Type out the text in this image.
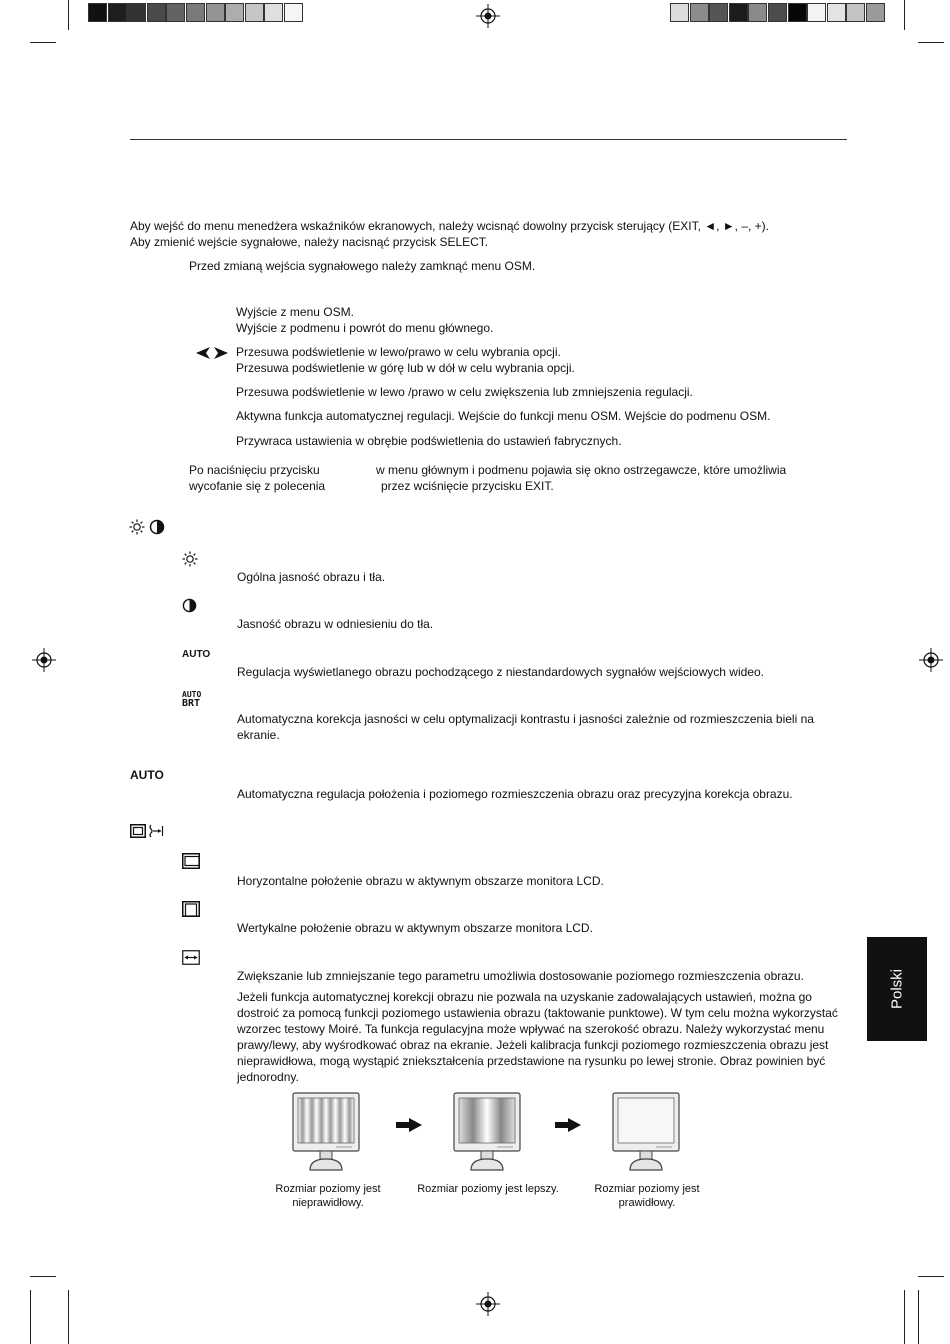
Aby wejść do menu menedżera wskaźników ekranowych, należy wcisnąć dowolny przycisk sterujący (EXIT, ◄, ►, –, +).
Aby zmienić wejście sygnałowe, należy nacisnąć przycisk SELECT.
Przed zmianą wejścia sygnałowego należy zamknąć menu OSM.
Wyjście z menu OSM.
Wyjście z podmenu i powrót do menu głównego.
Przesuwa podświetlenie w lewo/prawo w celu wybrania opcji.
Przesuwa podświetlenie w górę lub w dół w celu wybrania opcji.
Przesuwa podświetlenie w lewo /prawo w celu zwiększenia lub zmniejszenia regulacji.
Aktywna funkcja automatycznej regulacji. Wejście do funkcji menu OSM. Wejście do podmenu OSM.
Przywraca ustawienia w obrębie podświetlenia do ustawień fabrycznych.
Po naciśnięciu przycisku	w menu głównym i podmenu pojawia się okno ostrzegawcze, które umożliwia
wycofanie się z polecenia	przez wciśnięcie przycisku EXIT.
Ogólna jasność obrazu i tła.
Jasność obrazu w odniesieniu do tła.
AUTO
Regulacja wyświetlanego obrazu pochodzącego z niestandardowych sygnałów wejściowych wideo.
AUTO
BRT
Automatyczna korekcja jasności w celu optymalizacji kontrastu i jasności zależnie od rozmieszczenia bieli na ekranie.
AUTO
Automatyczna regulacja położenia i poziomego rozmieszczenia obrazu oraz precyzyjna korekcja obrazu.
Horyzontalne położenie obrazu w aktywnym obszarze monitora LCD.
Wertykalne położenie obrazu w aktywnym obszarze monitora LCD.
Zwiększanie lub zmniejszanie tego parametru umożliwia dostosowanie poziomego rozmieszczenia obrazu.
Jeżeli funkcja automatycznej korekcji obrazu nie pozwala na uzyskanie zadowalających ustawień, można go dostroić za pomocą funkcji poziomego ustawienia obrazu (taktowanie punktowe). W tym celu można wykorzystać wzorzec testowy Moiré. Ta funkcja regulacyjna może wpływać na szerokość obrazu. Należy wykorzystać menu prawy/lewy, aby wyśrodkować obraz na ekranie. Jeżeli kalibracja funkcji poziomego rozmieszczenia obrazu jest nieprawidłowa, mogą wystąpić zniekształcenia przedstawione na rysunku po lewej stronie. Obraz powinien być jednorodny.
Rozmiar poziomy jest nieprawidłowy.
Rozmiar poziomy jest lepszy.	Rozmiar poziomy jest prawidłowy.
Polski
